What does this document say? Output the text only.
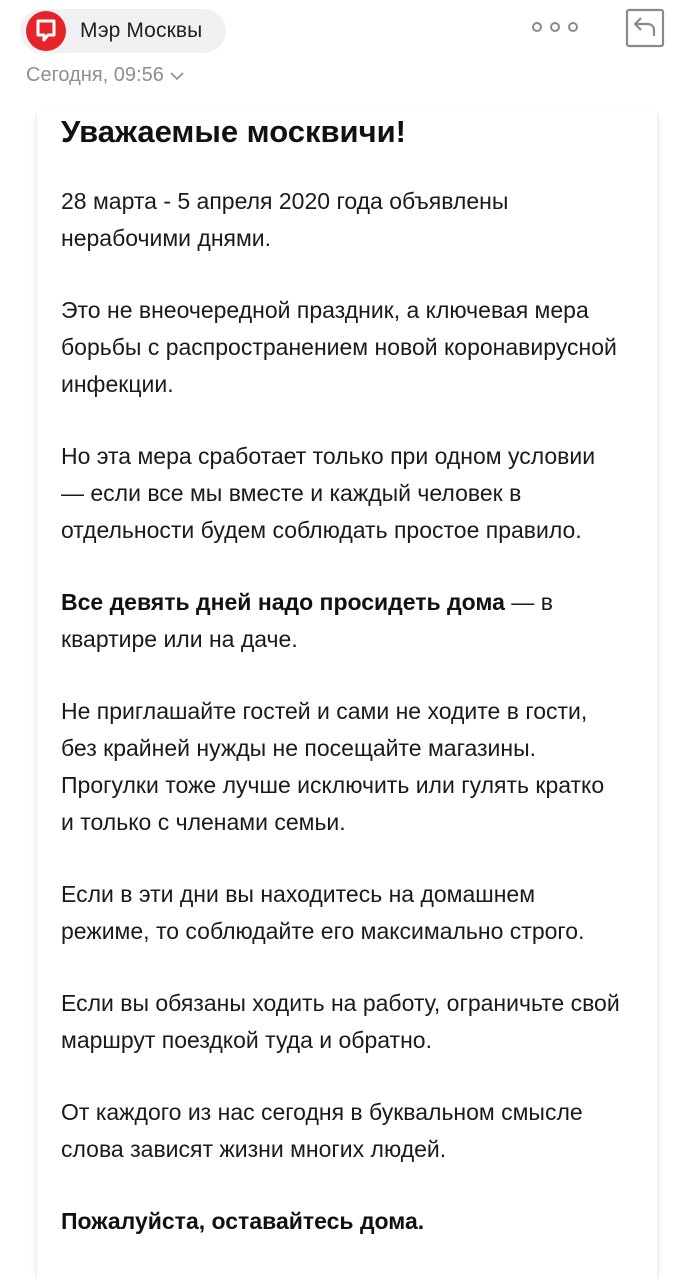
Мэр Москвы
Сегодня, 09:56
Уважаемые москвичи!

28 марта - 5 апреля 2020 года объявлены нерабочими днями.

Это не внеочередной праздник, а ключевая мера борьбы с распространением новой коронавирусной инфекции.

Но эта мера сработает только при одном условии — если все мы вместе и каждый человек в отдельности будем соблюдать простое правило.

Все девять дней надо просидеть дома — в квартире или на даче.

Не приглашайте гостей и сами не ходите в гости, без крайней нужды не посещайте магазины. Прогулки тоже лучше исключить или гулять кратко и только с членами семьи.

Если в эти дни вы находитесь на домашнем режиме, то соблюдайте его максимально строго.

Если вы обязаны ходить на работу, ограничьте свой маршрут поездкой туда и обратно.

От каждого из нас сегодня в буквальном смысле слова зависят жизни многих людей.

Пожалуйста, оставайтесь дома.
